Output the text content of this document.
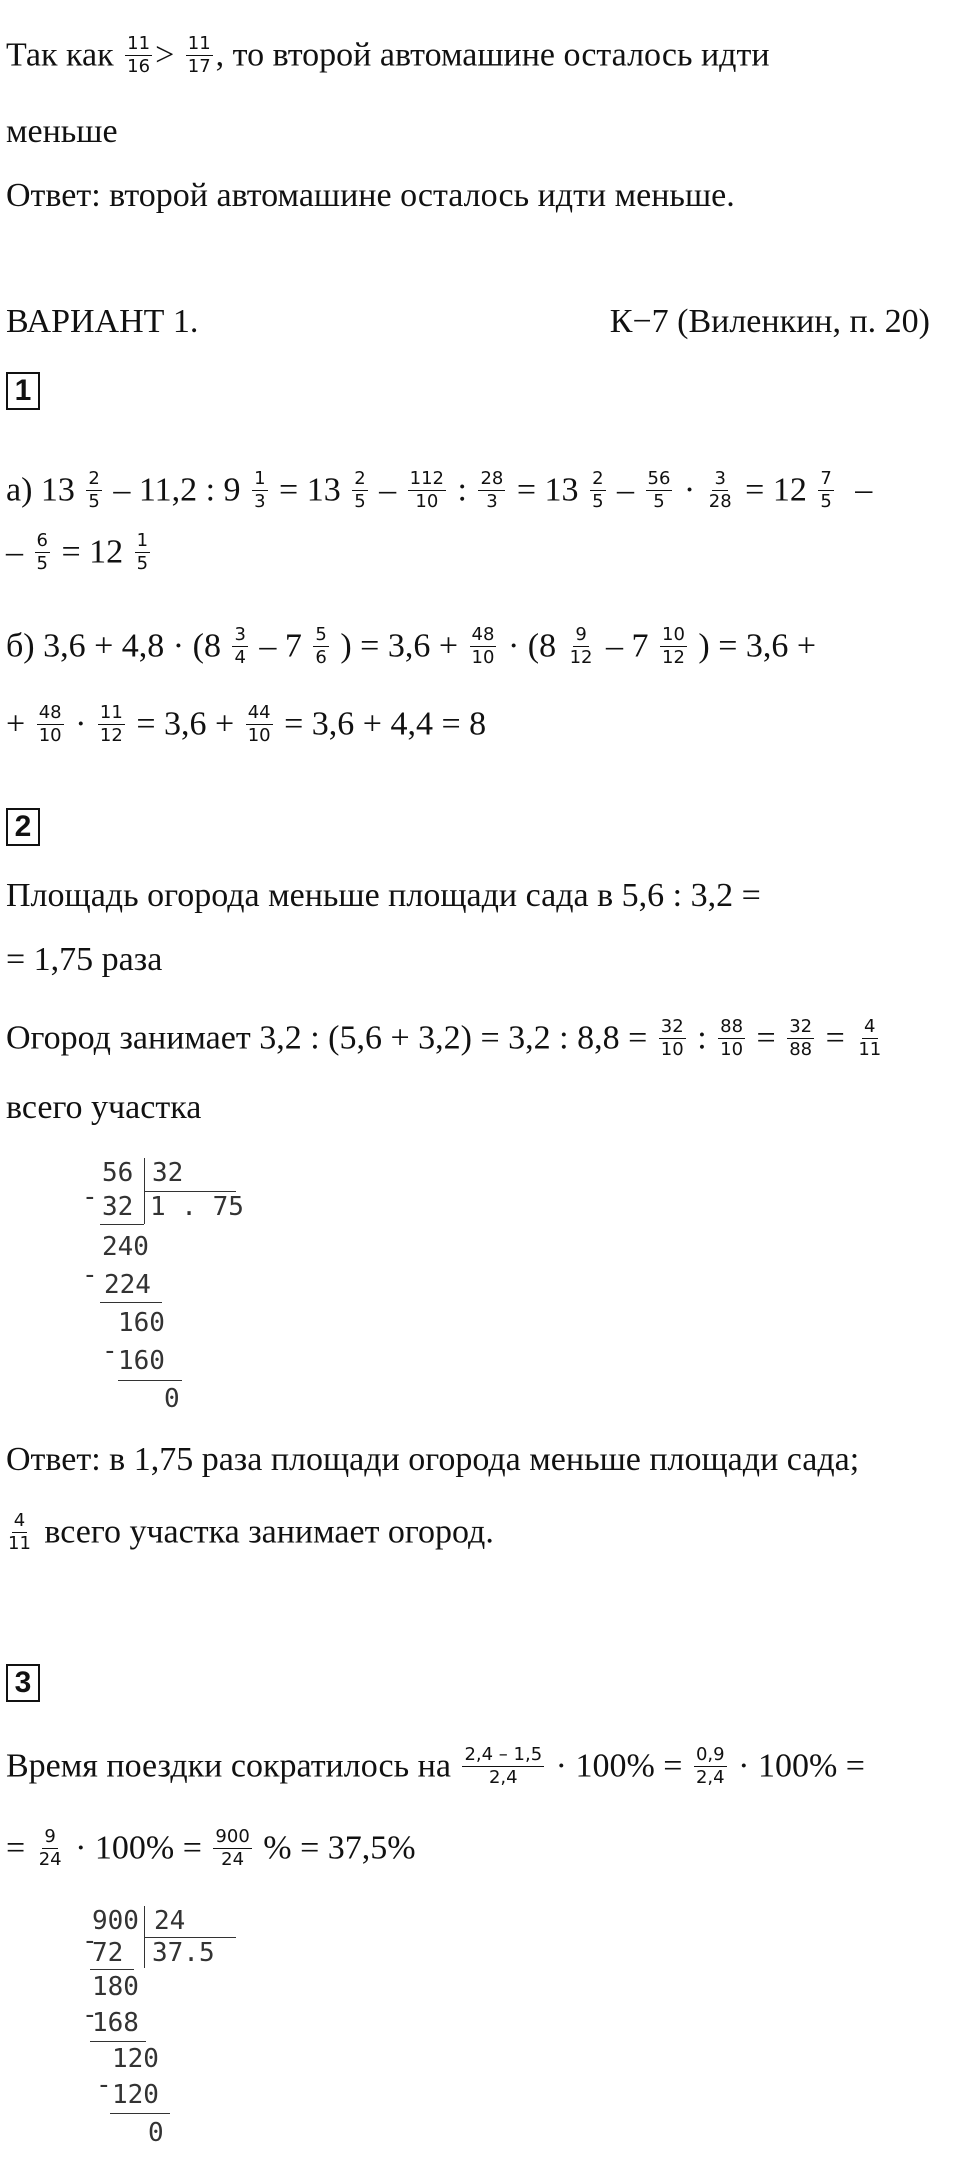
Так как $\frac{11}{16} > \frac{11}{17}$ , то второй автомашине осталось идти
меньше
Ответ: второй автомашине осталось идти меньше.
ВАРИАНТ 1.	К−7 (Виленкин, п. 20)
1
а) $13 \frac{2}{5} - 11,2$ : $9 \frac{1}{3} = 13 \frac{2}{5} - \frac{112}{10}$ : $\frac{28}{3} = 13 \frac{2}{5} - \frac{56}{5} \cdot \frac{3}{28} = 12 \frac{7}{5}$ –
– $\frac{6}{5} = 12 \frac{1}{5}$
б) $3,6 + 4,8 \cdot (8 \frac{3}{4} - 7 \frac{5}{6}$ ) = $3,6 + \frac{48}{10} \cdot (8 \frac{9}{12} - 7 \frac{10}{12}$ ) = 3,6 +
+ $\frac{48}{10} \cdot \frac{11}{12} = 3,6 + \frac{44}{10} = 3,6 + 4,4 = 8$
2
Площадь огорода меньше площади сада в 5,6 : 3,2 =
= 1,75 раза
Огород занимает 3,2 : (5,6 + 3,2) = 3,2 : $8,8 = \frac{32}{10}$ : $\frac{88}{10} = \frac{32}{88} = \frac{4}{11}$
всего участка
56 32
- 32 1 . 75
240
- 224
160
- 160
0
Ответ: в 1,75 раза площади огорода меньше площади сада;
$\frac{4}{11}$ всего участка занимает огород.
3
Время поездки сократилось на $\frac{2,4 - 1,5}{2,4} \cdot 100\% = \frac{0,9}{2,4} \cdot 100\%$ =
= $\frac{9}{24} \cdot 100\% = \frac{900}{24}$ % = 37,5%
900 24
-
72 37.5
180
-
168
120
- 120
0
